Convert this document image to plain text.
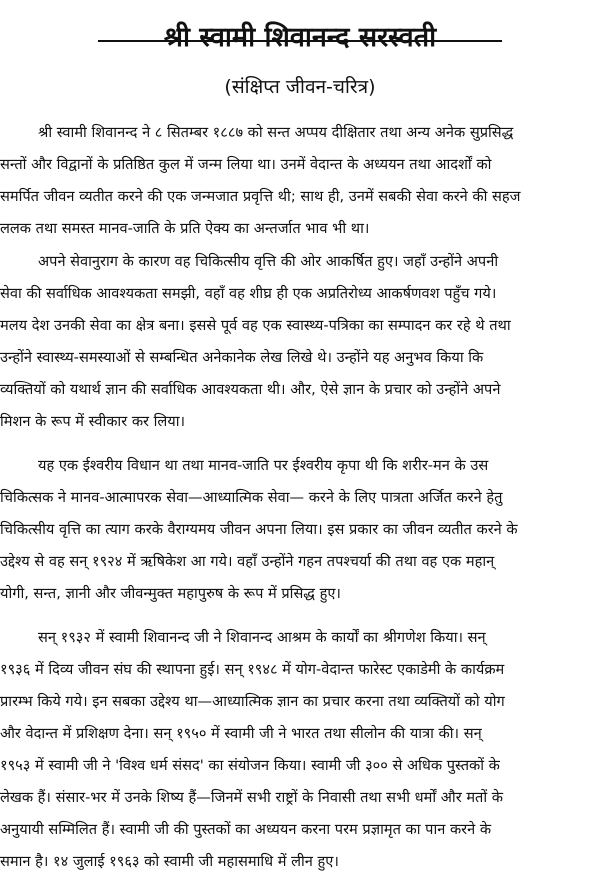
श्री स्वामी शिवानन्द सरस्वती
(संक्षिप्त जीवन-चरित्र)

श्री स्वामी शिवानन्द ने ८ सितम्बर १८८७ को सन्त अप्पय दीक्षितार तथा अन्य अनेक सुप्रसिद्ध
सन्तों और विद्वानों के प्रतिष्ठित कुल में जन्म लिया था। उनमें वेदान्त के अध्ययन तथा आदर्शों को
समर्पित जीवन व्यतीत करने की एक जन्मजात प्रवृत्ति थी; साथ ही, उनमें सबकी सेवा करने की सहज
ललक तथा समस्त मानव-जाति के प्रति ऐक्य का अन्तर्जात भाव भी था।

अपने सेवानुराग के कारण वह चिकित्सीय वृत्ति की ओर आकर्षित हुए। जहाँ उन्होंने अपनी
सेवा की सर्वाधिक आवश्यकता समझी, वहाँ वह शीघ्र ही एक अप्रतिरोध्य आकर्षणवश पहुँच गये।
मलय देश उनकी सेवा का क्षेत्र बना। इससे पूर्व वह एक स्वास्थ्य-पत्रिका का सम्पादन कर रहे थे तथा
उन्होंने स्वास्थ्य-समस्याओं से सम्बन्धित अनेकानेक लेख लिखे थे। उन्होंने यह अनुभव किया कि
व्यक्तियों को यथार्थ ज्ञान की सर्वाधिक आवश्यकता थी। और, ऐसे ज्ञान के प्रचार को उन्होंने अपने
मिशन के रूप में स्वीकार कर लिया।

यह एक ईश्वरीय विधान था तथा मानव-जाति पर ईश्वरीय कृपा थी कि शरीर-मन के उस
चिकित्सक ने मानव-आत्मापरक सेवा—आध्यात्मिक सेवा— करने के लिए पात्रता अर्जित करने हेतु
चिकित्सीय वृत्ति का त्याग करके वैराग्यमय जीवन अपना लिया। इस प्रकार का जीवन व्यतीत करने के
उद्देश्य से वह सन् १९२४ में ऋषिकेश आ गये। वहाँ उन्होंने गहन तपश्चर्या की तथा वह एक महान्
योगी, सन्त, ज्ञानी और जीवन्मुक्त महापुरुष के रूप में प्रसिद्ध हुए।

सन् १९३२ में स्वामी शिवानन्द जी ने शिवानन्द आश्रम के कार्यों का श्रीगणेश किया। सन्
१९३६ में दिव्य जीवन संघ की स्थापना हुई। सन् १९४८ में योग-वेदान्त फारेस्ट एकाडेमी के कार्यक्रम
प्रारम्भ किये गये। इन सबका उद्देश्य था—आध्यात्मिक ज्ञान का प्रचार करना तथा व्यक्तियों को योग
और वेदान्त में प्रशिक्षण देना। सन् १९५० में स्वामी जी ने भारत तथा सीलोन की यात्रा की। सन्
१९५३ में स्वामी जी ने 'विश्व धर्म संसद' का संयोजन किया। स्वामी जी ३०० से अधिक पुस्तकों के
लेखक हैं। संसार-भर में उनके शिष्य हैं—जिनमें सभी राष्ट्रों के निवासी तथा सभी धर्मों और मतों के
अनुयायी सम्मिलित हैं। स्वामी जी की पुस्तकों का अध्ययन करना परम प्रज्ञामृत का पान करने के
समान है। १४ जुलाई १९६३ को स्वामी जी महासमाधि में लीन हुए।
